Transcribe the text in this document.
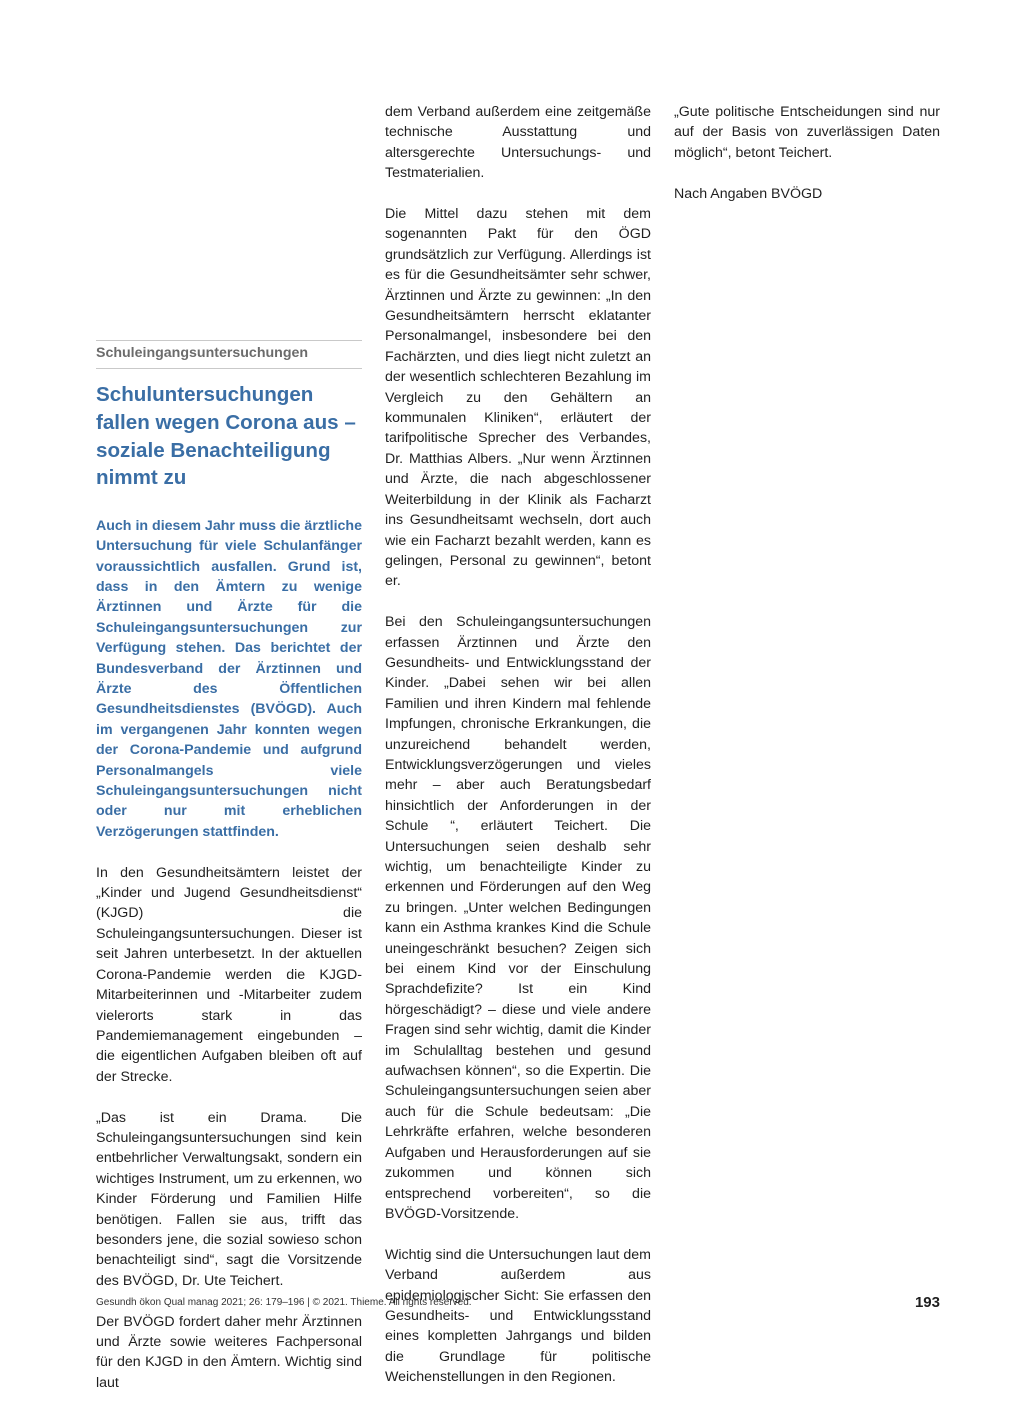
Schuleingangsuntersuchungen
Schuluntersuchungen fallen wegen Corona aus – soziale Benachteiligung nimmt zu

Auch in diesem Jahr muss die ärztliche Untersuchung für viele Schulanfänger voraussichtlich ausfallen. Grund ist, dass in den Ämtern zu wenige Ärztinnen und Ärzte für die Schuleingangsuntersuchungen zur Verfügung stehen. Das berichtet der Bundesverband der Ärztinnen und Ärzte des Öffentlichen Gesundheitsdienstes (BVÖGD). Auch im vergangenen Jahr konnten wegen der Corona-Pandemie und aufgrund Personalmangels viele Schuleingangsuntersuchungen nicht oder nur mit erheblichen Verzögerungen stattfinden.

In den Gesundheitsämtern leistet der „Kinder und Jugend Gesundheitsdienst“ (KJGD) die Schuleingangsuntersuchungen. Dieser ist seit Jahren unterbesetzt. In der aktuellen Corona-Pandemie werden die KJGD-Mitarbeiterinnen und -Mitarbeiter zudem vielerorts stark in das Pandemiemanagement eingebunden – die eigentlichen Aufgaben bleiben oft auf der Strecke.

„Das ist ein Drama. Die Schuleingangsuntersuchungen sind kein entbehrlicher Verwaltungsakt, sondern ein wichtiges Instrument, um zu erkennen, wo Kinder Förderung und Familien Hilfe benötigen. Fallen sie aus, trifft das besonders jene, die sozial sowieso schon benachteiligt sind“, sagt die Vorsitzende des BVÖGD, Dr. Ute Teichert.

Der BVÖGD fordert daher mehr Ärztinnen und Ärzte sowie weiteres Fachpersonal für den KJGD in den Ämtern. Wichtig sind laut

dem Verband außerdem eine zeitgemäße technische Ausstattung und altersgerechte Untersuchungs- und Testmaterialien.

Die Mittel dazu stehen mit dem sogenannten Pakt für den ÖGD grundsätzlich zur Verfügung. Allerdings ist es für die Gesundheitsämter sehr schwer, Ärztinnen und Ärzte zu gewinnen: „In den Gesundheitsämtern herrscht eklatanter Personalmangel, insbesondere bei den Fachärzten, und dies liegt nicht zuletzt an der wesentlich schlechteren Bezahlung im Vergleich zu den Gehältern an kommunalen Kliniken“, erläutert der tarifpolitische Sprecher des Verbandes, Dr. Matthias Albers. „Nur wenn Ärztinnen und Ärzte, die nach abgeschlossener Weiterbildung in der Klinik als Facharzt ins Gesundheitsamt wechseln, dort auch wie ein Facharzt bezahlt werden, kann es gelingen, Personal zu gewinnen“, betont er.

Bei den Schuleingangsuntersuchungen erfassen Ärztinnen und Ärzte den Gesundheits- und Entwicklungsstand der Kinder. „Dabei sehen wir bei allen Familien und ihren Kindern mal fehlende Impfungen, chronische Erkrankungen, die unzureichend behandelt werden, Entwicklungsverzögerungen und vieles mehr – aber auch Beratungsbedarf hinsichtlich der Anforderungen in der Schule “, erläutert Teichert. Die Untersuchungen seien deshalb sehr wichtig, um benachteiligte Kinder zu erkennen und Förderungen auf den Weg zu bringen. „Unter welchen Bedingungen kann ein Asthma krankes Kind die Schule uneingeschränkt besuchen? Zeigen sich bei einem Kind vor der Einschulung Sprachdefizite? Ist ein Kind hörgeschädigt? – diese und viele andere Fragen sind sehr wichtig, damit die Kinder im Schulalltag bestehen und gesund aufwachsen können“, so die Expertin. Die Schuleingangsuntersuchungen seien aber auch für die Schule bedeutsam: „Die Lehrkräfte erfahren, welche besonderen Aufgaben und Herausforderungen auf sie zukommen und können sich entsprechend vorbereiten“, so die BVÖGD-Vorsitzende.

Wichtig sind die Untersuchungen laut dem Verband außerdem aus epidemiologischer Sicht: Sie erfassen den Gesundheits- und Entwicklungsstand eines kompletten Jahrgangs und bilden die Grundlage für politische Weichenstellungen in den Regionen.

„Gute politische Entscheidungen sind nur auf der Basis von zuverlässigen Daten möglich“, betont Teichert.

Nach Angaben BVÖGD

Gesundh ökon Qual manag 2021; 26: 179–196 | © 2021. Thieme. All rights reserved.	193
